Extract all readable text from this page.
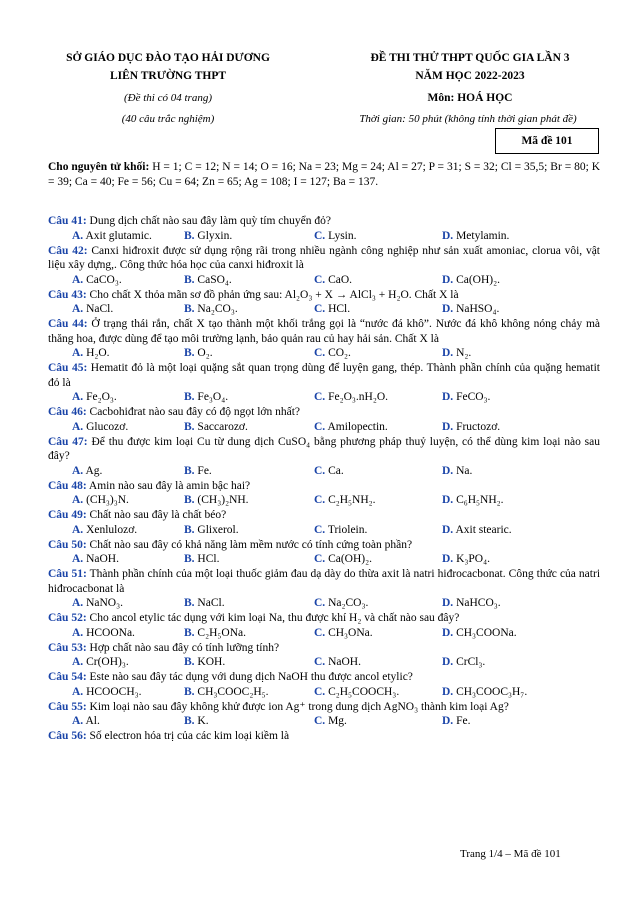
SỞ GIÁO DỤC ĐÀO TẠO HẢI DƯƠNG
LIÊN TRƯỜNG THPT
(Đề thi có 04 trang)
(40 câu trắc nghiệm)
ĐỀ THI THỬ THPT QUỐC GIA LẦN 3
NĂM HỌC 2022-2023
Môn: HOÁ HỌC
Thời gian: 50 phút (không tính thời gian phát đề)
Mã đề 101
Cho nguyên tử khối: H = 1; C = 12; N = 14; O = 16; Na = 23; Mg = 24; Al = 27; P = 31; S = 32; Cl = 35,5; Br = 80; K = 39; Ca = 40; Fe = 56; Cu = 64; Zn = 65; Ag = 108; I = 127; Ba = 137.
Câu 41: Dung dịch chất nào sau đây làm quỳ tím chuyển đỏ?
A. Axit glutamic.	B. Glyxin.	C. Lysin.	D. Metylamin.
Câu 42: Canxi hiđroxit được sử dụng rộng rãi trong nhiều ngành công nghiệp như sản xuất amoniac, clorua vôi, vật liệu xây dựng,. Công thức hóa học của canxi hiđroxit là
A. CaCO₃.	B. CaSO₄.	C. CaO.	D. Ca(OH)₂.
Câu 43: Cho chất X thỏa mãn sơ đồ phản ứng sau: Al₂O₃ + X → AlCl₃ + H₂O. Chất X là
A. NaCl.	B. Na₂CO₃.	C. HCl.	D. NaHSO₄.
Câu 44: Ở trạng thái rắn, chất X tạo thành một khối trắng gọi là “nước đá khô”. Nước đá khô không nóng chảy mà thăng hoa, được dùng để tạo môi trường lạnh, bảo quản rau củ hay hải sản. Chất X là
A. H₂O.	B. O₂.	C. CO₂.	D. N₂.
Câu 45: Hematit đỏ là một loại quặng sắt quan trọng dùng để luyện gang, thép. Thành phần chính của quặng hematit đỏ là
A. Fe₂O₃.	B. Fe₃O₄.	C. Fe₂O₃.nH₂O.	D. FeCO₃.
Câu 46: Cacbohiđrat nào sau đây có độ ngọt lớn nhất?
A. Glucozơ.	B. Saccarozơ.	C. Amilopectin.	D. Fructozơ.
Câu 47: Để thu được kim loại Cu từ dung dịch CuSO₄ bằng phương pháp thuỷ luyện, có thể dùng kim loại nào sau đây?
A. Ag.	B. Fe.	C. Ca.	D. Na.
Câu 48: Amin nào sau đây là amin bậc hai?
A. (CH₃)₃N.	B. (CH₃)₂NH.	C. C₂H₅NH₂.	D. C₆H₅NH₂.
Câu 49: Chất nào sau đây là chất béo?
A. Xenlulozơ.	B. Glixerol.	C. Triolein.	D. Axit stearic.
Câu 50: Chất nào sau đây có khả năng làm mềm nước có tính cứng toàn phần?
A. NaOH.	B. HCl.	C. Ca(OH)₂.	D. K₃PO₄.
Câu 51: Thành phần chính của một loại thuốc giảm đau dạ dày do thừa axit là natri hiđrocacbonat. Công thức của natri hiđrocacbonat là
A. NaNO₃.	B. NaCl.	C. Na₂CO₃.	D. NaHCO₃.
Câu 52: Cho ancol etylic tác dụng với kim loại Na, thu được khí H₂ và chất nào sau đây?
A. HCOONa.	B. C₂H₅ONa.	C. CH₃ONa.	D. CH₃COONa.
Câu 53: Hợp chất nào sau đây có tính lưỡng tính?
A. Cr(OH)₃.	B. KOH.	C. NaOH.	D. CrCl₃.
Câu 54: Este nào sau đây tác dụng với dung dịch NaOH thu được ancol etylic?
A. HCOOCH₃.	B. CH₃COOC₂H₅.	C. C₂H₅COOCH₃.	D. CH₃COOC₃H₇.
Câu 55: Kim loại nào sau đây không khử được ion Ag⁺ trong dung dịch AgNO₃ thành kim loại Ag?
A. Al.	B. K.	C. Mg.	D. Fe.
Câu 56: Số electron hóa trị của các kim loại kiềm là
Trang 1/4 – Mã đề 101
